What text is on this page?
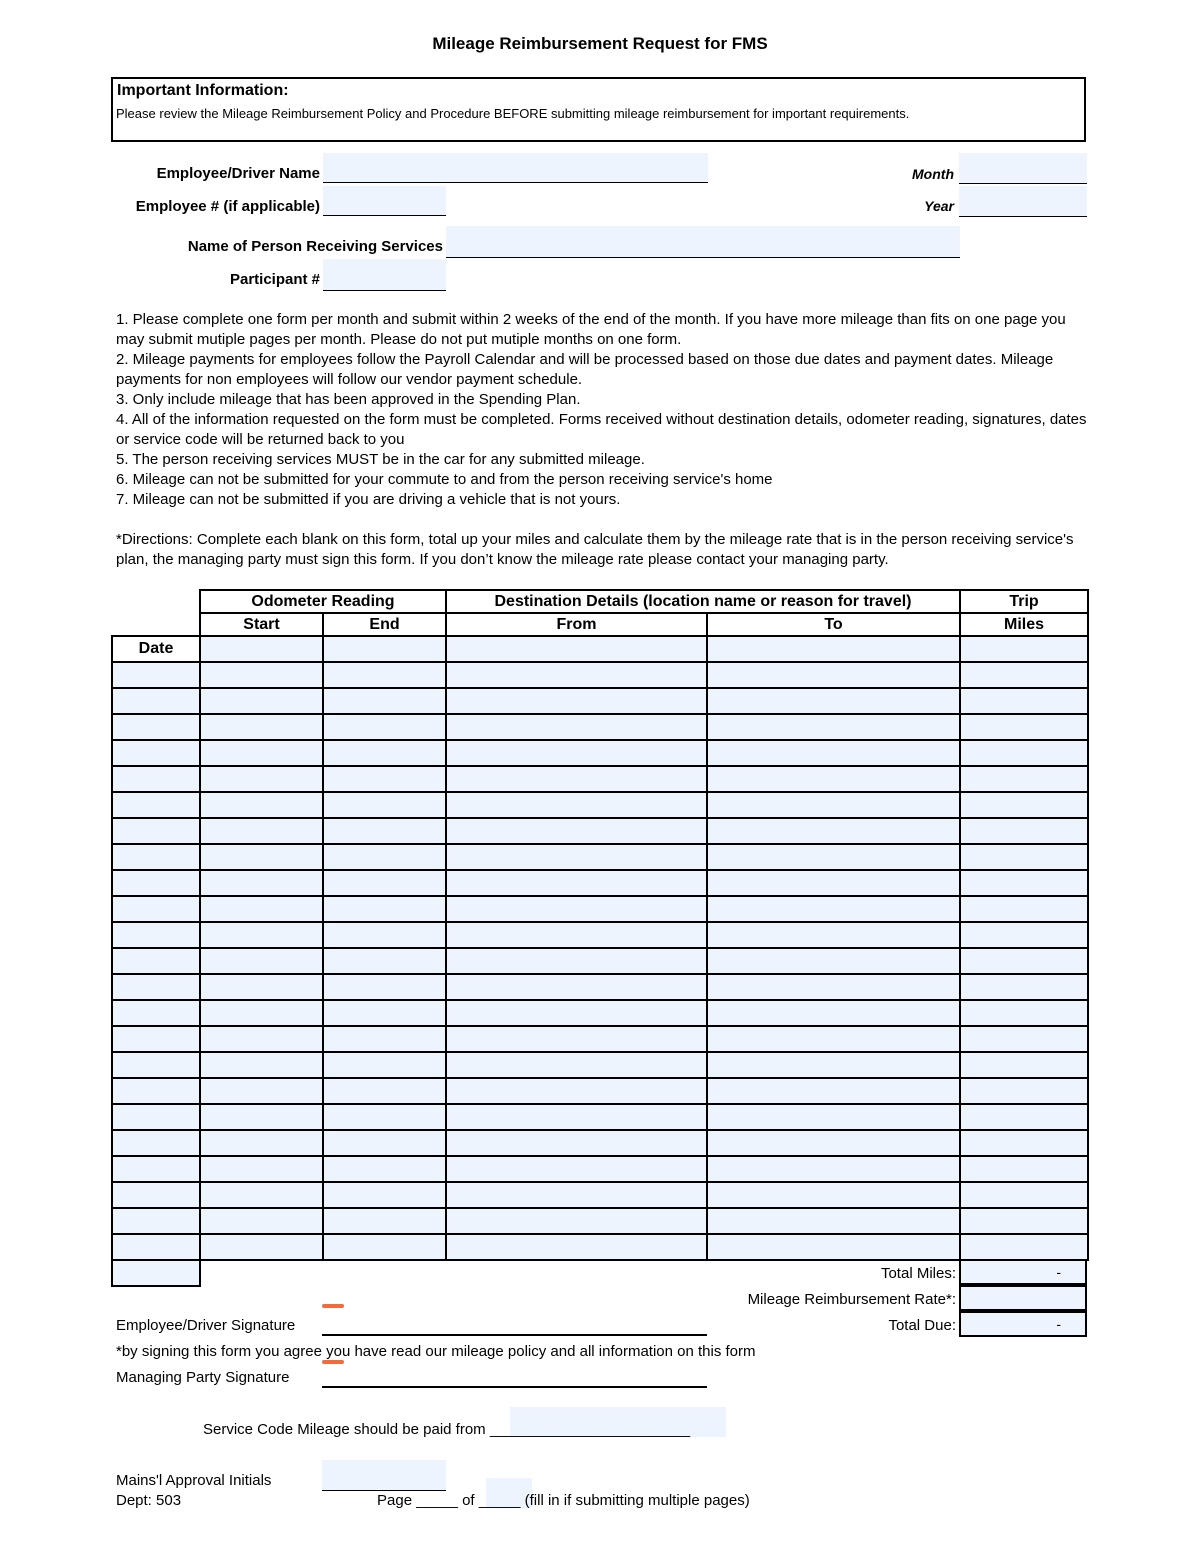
Mileage Reimbursement Request for FMS
Important Information:
Please review the Mileage Reimbursement Policy and Procedure BEFORE submitting mileage reimbursement for important requirements.
Employee/Driver Name
Employee # (if applicable)
Name of Person Receiving Services
Participant #
Month
Year
1. Please complete one form per month and submit within 2 weeks of the end of the month. If you have more mileage than fits on one page you may submit mutiple pages per month. Please do not put mutiple months on one form.
2. Mileage payments for employees follow the Payroll Calendar and will be processed based on those due dates and payment dates. Mileage payments for non employees will follow our vendor payment schedule.
3. Only include mileage that has been approved in the Spending Plan.
4. All of the information requested on the form must be completed. Forms received without destination details, odometer reading, signatures, dates or service code will be returned back to you
5. The person receiving services MUST be in the car for any submitted mileage.
6. Mileage can not be submitted for your commute to and from the person receiving service's home
7. Mileage can not be submitted if you are driving a vehicle that is not yours.
*Directions: Complete each blank on this form, total up your miles and calculate them by the mileage rate that is in the person receiving service's plan, the managing party must sign this form. If you don’t know the mileage rate please contact your managing party.
	Odometer Reading		Destination Details (location name or reason for travel)		Trip
	Start	End	From	To	Miles
Date					

Total Miles:	-
Mileage Reimbursement Rate*:
Total Due:	-
Employee/Driver Signature
*by signing this form you agree you have read our mileage policy and all information on this form
Managing Party Signature
Service Code Mileage should be paid from ________________________
Mains'l Approval Initials
Dept: 503	Page _____ of _____ (fill in if submitting multiple pages)
